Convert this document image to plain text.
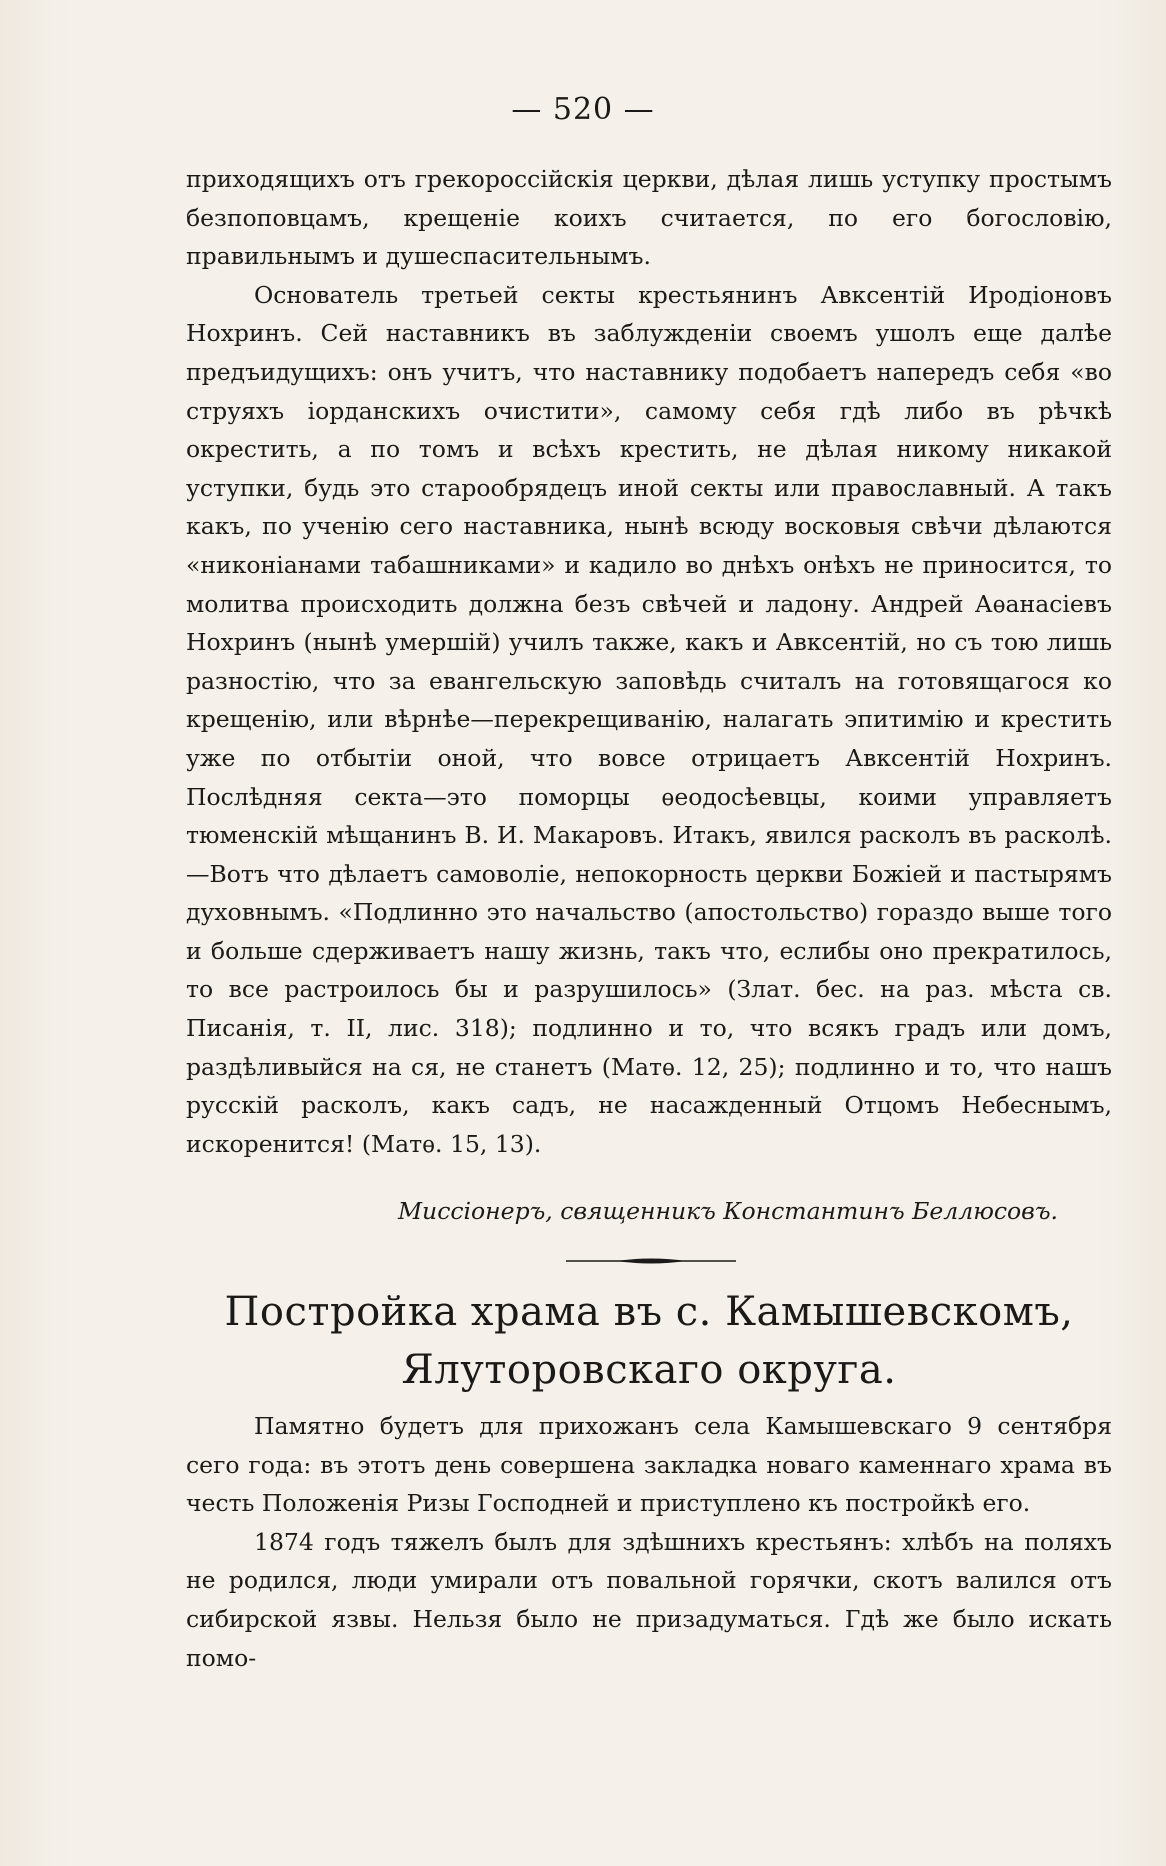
— 520 —

приходящихъ отъ грекороссійскія церкви, дѣлая лишь уступку простымъ безпоповцамъ, крещеніе коихъ считается, по его богословію, правильнымъ и душеспасительнымъ.

Основатель третьей секты крестьянинъ Авксентій Иродіоновъ Нохринъ. Сей наставникъ въ заблужденіи своемъ ушолъ еще далѣе предъидущихъ: онъ учитъ, что наставнику подобаетъ напередъ себя «во струяхъ іорданскихъ очистити», самому себя гдѣ либо въ рѣчкѣ окрестить, а по томъ и всѣхъ крестить, не дѣлая никому никакой уступки, будь это старообрядецъ иной секты или православный. А такъ какъ, по ученію сего наставника, нынѣ всюду восковыя свѣчи дѣлаются «никоніанами табашниками» и кадило во днѣхъ онѣхъ не приносится, то молитва происходить должна безъ свѣчей и ладону. Андрей Аѳанасіевъ Нохринъ (нынѣ умершій) училъ также, какъ и Авксентій, но съ тою лишь разностію, что за евангельскую заповѣдь считалъ на готовящагося ко крещенію, или вѣрнѣе—перекрещиванію, налагать эпитимію и крестить уже по отбытіи оной, что вовсе отрицаетъ Авксентій Нохринъ. Послѣдняя секта—это поморцы ѳеодосѣевцы, коими управляетъ тюменскій мѣщанинъ В. И. Макаровъ. Итакъ, явился расколъ въ расколѣ.—Вотъ что дѣлаетъ самоволіе, непокорность церкви Божіей и пастырямъ духовнымъ. «Подлинно это начальство (апостольство) гораздо выше того и больше сдерживаетъ нашу жизнь, такъ что, еслибы оно прекратилось, то все растроилось бы и разрушилось» (Злат. бес. на раз. мѣста св. Писанія, т. II, лис. 318); подлинно и то, что всякъ градъ или домъ, раздѣливыйся на ся, не станетъ (Матѳ. 12, 25); подлинно и то, что нашъ русскій расколъ, какъ садъ, не насажденный Отцомъ Небеснымъ, искоренится! (Матѳ. 15, 13).

Миссіонеръ, священникъ Константинъ Беллюсовъ.
Постройка храма въ с. Камышевскомъ, Ялуторовскаго округа.

Памятно будетъ для прихожанъ села Камышевскаго 9 сентября сего года: въ этотъ день совершена закладка новаго каменнаго храма въ честь Положенія Ризы Господней и приступлено къ постройкѣ его.

1874 годъ тяжелъ былъ для здѣшнихъ крестьянъ: хлѣбъ на поляхъ не родился, люди умирали отъ повальной горячки, скотъ валился отъ сибирской язвы. Нельзя было не призадуматься. Гдѣ же было искать помо-
